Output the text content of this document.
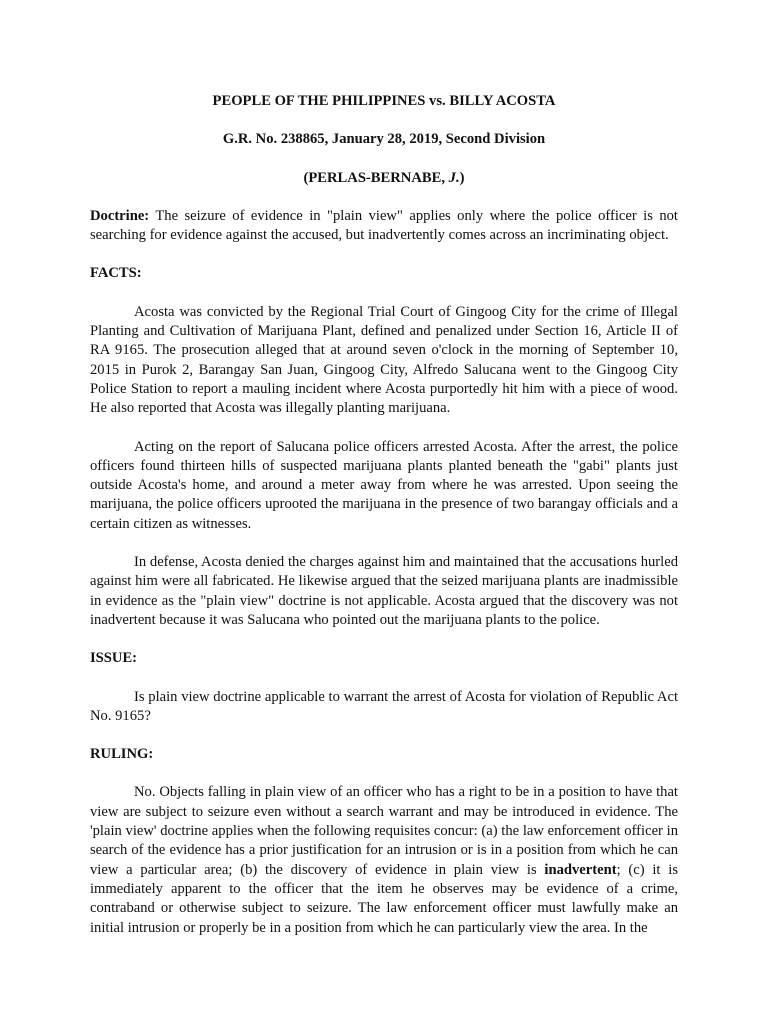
PEOPLE OF THE PHILIPPINES vs. BILLY ACOSTA
G.R. No. 238865, January 28, 2019, Second Division
(PERLAS-BERNABE, J.)

Doctrine: The seizure of evidence in "plain view" applies only where the police officer is not searching for evidence against the accused, but inadvertently comes across an incriminating object.

FACTS:

Acosta was convicted by the Regional Trial Court of Gingoog City for the crime of Illegal Planting and Cultivation of Marijuana Plant, defined and penalized under Section 16, Article II of RA 9165. The prosecution alleged that at around seven o'clock in the morning of September 10, 2015 in Purok 2, Barangay San Juan, Gingoog City, Alfredo Salucana went to the Gingoog City Police Station to report a mauling incident where Acosta purportedly hit him with a piece of wood. He also reported that Acosta was illegally planting marijuana.

Acting on the report of Salucana police officers arrested Acosta. After the arrest, the police officers found thirteen hills of suspected marijuana plants planted beneath the "gabi" plants just outside Acosta's home, and around a meter away from where he was arrested. Upon seeing the marijuana, the police officers uprooted the marijuana in the presence of two barangay officials and a certain citizen as witnesses.

In defense, Acosta denied the charges against him and maintained that the accusations hurled against him were all fabricated. He likewise argued that the seized marijuana plants are inadmissible in evidence as the "plain view" doctrine is not applicable. Acosta argued that the discovery was not inadvertent because it was Salucana who pointed out the marijuana plants to the police.

ISSUE:

Is plain view doctrine applicable to warrant the arrest of Acosta for violation of Republic Act No. 9165?

RULING:

No. Objects falling in plain view of an officer who has a right to be in a position to have that view are subject to seizure even without a search warrant and may be introduced in evidence. The 'plain view' doctrine applies when the following requisites concur: (a) the law enforcement officer in search of the evidence has a prior justification for an intrusion or is in a position from which he can view a particular area; (b) the discovery of evidence in plain view is inadvertent; (c) it is immediately apparent to the officer that the item he observes may be evidence of a crime, contraband or otherwise subject to seizure. The law enforcement officer must lawfully make an initial intrusion or properly be in a position from which he can particularly view the area. In the
